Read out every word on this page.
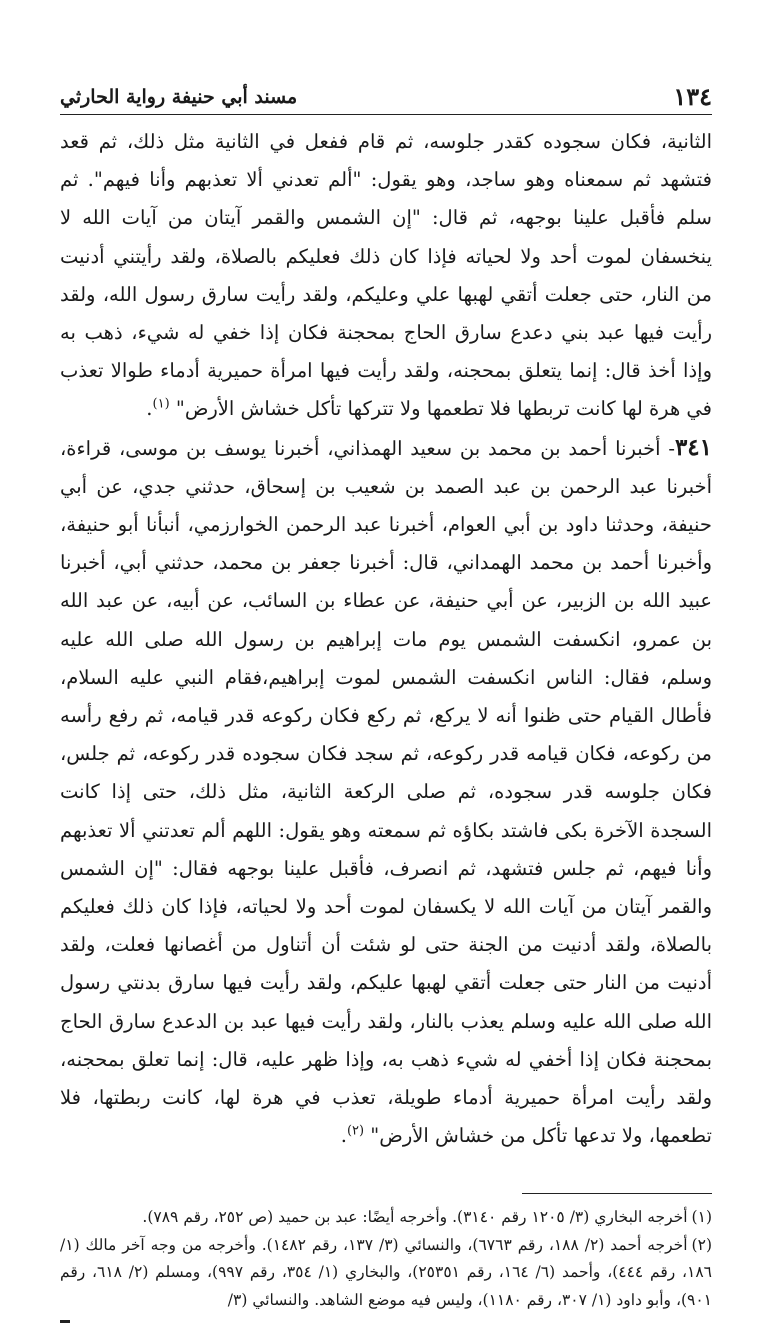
١٣٤
مسند أبي حنيفة رواية الحارثي

الثانية، فكان سجوده كقدر جلوسه، ثم قام ففعل في الثانية مثل ذلك، ثم قعد فتشهد ثم سمعناه وهو ساجد، وهو يقول: "ألم تعدني ألا تعذبهم وأنا فيهم". ثم سلم فأقبل علينا بوجهه، ثم قال: "إن الشمس والقمر آيتان من آيات الله لا ينخسفان لموت أحد ولا لحياته فإذا كان ذلك فعليكم بالصلاة، ولقد رأيتني أدنيت من النار، حتى جعلت أتقي لهبها علي وعليكم، ولقد رأيت سارق رسول الله، ولقد رأيت فيها عبد بني دعدع سارق الحاج بمحجنة فكان إذا خفي له شيء، ذهب به وإذا أخذ قال: إنما يتعلق بمحجنه، ولقد رأيت فيها امرأة حميرية أدماء طوالا تعذب في هرة لها كانت تربطها فلا تطعمها ولا تتركها تأكل خشاش الأرض" $^{(١)}$.

٣٤١- أخبرنا أحمد بن محمد بن سعيد الهمذاني، أخبرنا يوسف بن موسى، قراءة، أخبرنا عبد الرحمن بن عبد الصمد بن شعيب بن إسحاق، حدثني جدي، عن أبي حنيفة، وحدثنا داود بن أبي العوام، أخبرنا عبد الرحمن الخوارزمي، أنبأنا أبو حنيفة، وأخبرنا أحمد بن محمد الهمداني، قال: أخبرنا جعفر بن محمد، حدثني أبي، أخبرنا عبيد الله بن الزبير، عن أبي حنيفة، عن عطاء بن السائب، عن أبيه، عن عبد الله بن عمرو، انكسفت الشمس يوم مات إبراهيم بن رسول الله صلى الله عليه وسلم، فقال: الناس انكسفت الشمس لموت إبراهيم،فقام النبي عليه السلام، فأطال القيام حتى ظنوا أنه لا يركع، ثم ركع فكان ركوعه قدر قيامه، ثم رفع رأسه من ركوعه، فكان قيامه قدر ركوعه، ثم سجد فكان سجوده قدر ركوعه، ثم جلس، فكان جلوسه قدر سجوده، ثم صلى الركعة الثانية، مثل ذلك، حتى إذا كانت السجدة الآخرة بكى فاشتد بكاؤه ثم سمعته وهو يقول: اللهم ألم تعدتني ألا تعذبهم وأنا فيهم، ثم جلس فتشهد، ثم انصرف، فأقبل علينا بوجهه فقال: "إن الشمس والقمر آيتان من آيات الله لا يكسفان لموت أحد ولا لحياته، فإذا كان ذلك فعليكم بالصلاة، ولقد أدنيت من الجنة حتى لو شئت أن أتناول من أغصانها فعلت، ولقد أدنيت من النار حتى جعلت أتقي لهبها عليكم، ولقد رأيت فيها سارق بدنتي رسول الله صلى الله عليه وسلم يعذب بالنار، ولقد رأيت فيها عبد بن الدعدع سارق الحاج بمحجنة فكان إذا أخفي له شيء ذهب به، وإذا ظهر عليه، قال: إنما تعلق بمحجنه، ولقد رأيت امرأة حميرية أدماء طويلة، تعذب في هرة لها، كانت ربطتها، فلا تطعمها، ولا تدعها تأكل من خشاش الأرض" $^{(٢)}$.

(١)أخرجه البخاري (٣/ ١٢٠٥ رقم ٣١٤٠). وأخرجه أيضًا: عبد بن حميد (ص ٢٥٢، رقم ٧٨٩).

(٢)أخرجه أحمد (٢/ ١٨٨، رقم ٦٧٦٣)، والنسائي (٣/ ١٣٧، رقم ١٤٨٢). وأخرجه من وجه آخر مالك (١/ ١٨٦، رقم ٤٤٤)، وأحمد (٦/ ١٦٤، رقم ٢٥٣٥١)، والبخاري (١/ ٣٥٤، رقم ٩٩٧)، ومسلم (٢/ ٦١٨، رقم ٩٠١)، وأبو داود (١/ ٣٠٧، رقم ١١٨٠)، وليس فيه موضع الشاهد. والنسائي (٣/
